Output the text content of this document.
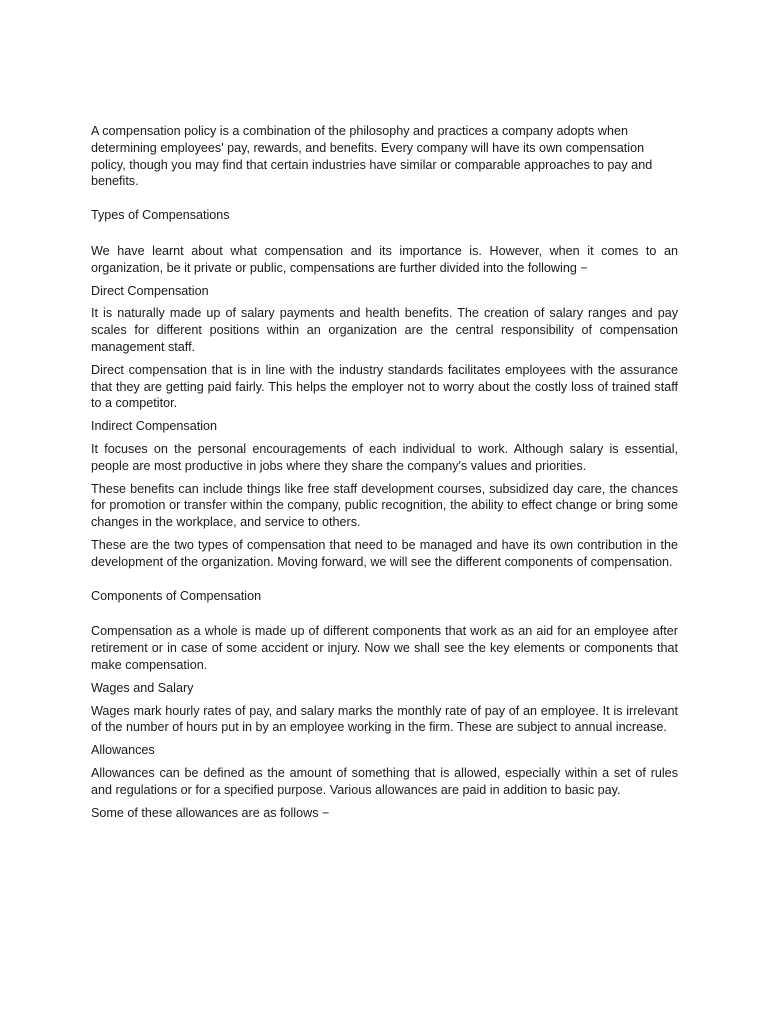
A compensation policy is a combination of the philosophy and practices a company adopts when determining employees' pay, rewards, and benefits. Every company will have its own compensation policy, though you may find that certain industries have similar or comparable approaches to pay and benefits.

Types of Compensations

We have learnt about what compensation and its importance is. However, when it comes to an organization, be it private or public, compensations are further divided into the following −

Direct Compensation

It is naturally made up of salary payments and health benefits. The creation of salary ranges and pay scales for different positions within an organization are the central responsibility of compensation management staff.

Direct compensation that is in line with the industry standards facilitates employees with the assurance that they are getting paid fairly. This helps the employer not to worry about the costly loss of trained staff to a competitor.

Indirect Compensation

It focuses on the personal encouragements of each individual to work. Although salary is essential, people are most productive in jobs where they share the company's values and priorities.

These benefits can include things like free staff development courses, subsidized day care, the chances for promotion or transfer within the company, public recognition, the ability to effect change or bring some changes in the workplace, and service to others.

These are the two types of compensation that need to be managed and have its own contribution in the development of the organization. Moving forward, we will see the different components of compensation.

Components of Compensation

Compensation as a whole is made up of different components that work as an aid for an employee after retirement or in case of some accident or injury. Now we shall see the key elements or components that make compensation.

Wages and Salary

Wages mark hourly rates of pay, and salary marks the monthly rate of pay of an employee. It is irrelevant of the number of hours put in by an employee working in the firm. These are subject to annual increase.

Allowances

Allowances can be defined as the amount of something that is allowed, especially within a set of rules and regulations or for a specified purpose. Various allowances are paid in addition to basic pay.

Some of these allowances are as follows −
